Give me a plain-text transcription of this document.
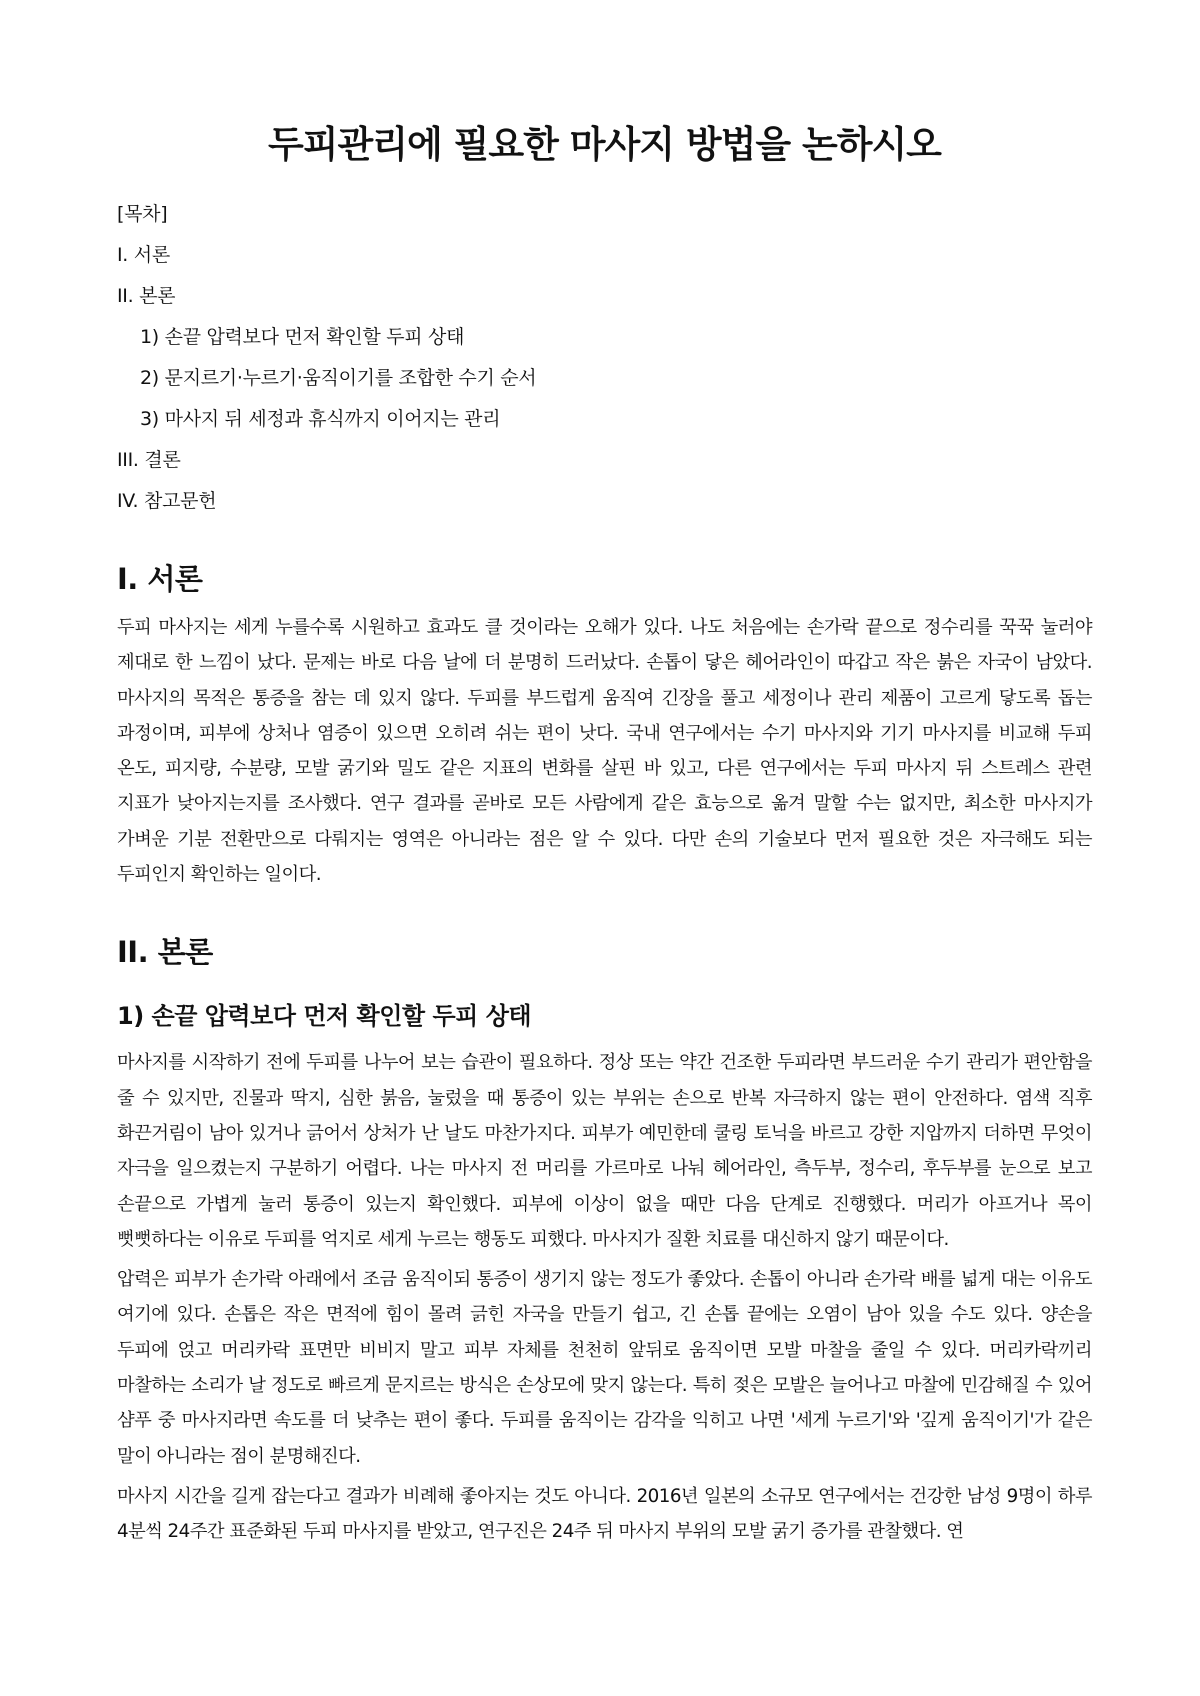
두피관리에 필요한 마사지 방법을 논하시오
[목차]
I. 서론
II. 본론
1) 손끝 압력보다 먼저 확인할 두피 상태
2) 문지르기·누르기·움직이기를 조합한 수기 순서
3) 마사지 뒤 세정과 휴식까지 이어지는 관리
III. 결론
IV. 참고문헌
I. 서론

두피 마사지는 세게 누를수록 시원하고 효과도 클 것이라는 오해가 있다. 나도 처음에는 손가락 끝으로 정수리를 꾹꾹 눌러야 제대로 한 느낌이 났다. 문제는 바로 다음 날에 더 분명히 드러났다. 손톱이 닿은 헤어라인이 따갑고 작은 붉은 자국이 남았다. 마사지의 목적은 통증을 참는 데 있지 않다. 두피를 부드럽게 움직여 긴장을 풀고 세정이나 관리 제품이 고르게 닿도록 돕는 과정이며, 피부에 상처나 염증이 있으면 오히려 쉬는 편이 낫다. 국내 연구에서는 수기 마사지와 기기 마사지를 비교해 두피 온도, 피지량, 수분량, 모발 굵기와 밀도 같은 지표의 변화를 살핀 바 있고, 다른 연구에서는 두피 마사지 뒤 스트레스 관련 지표가 낮아지는지를 조사했다. 연구 결과를 곧바로 모든 사람에게 같은 효능으로 옮겨 말할 수는 없지만, 최소한 마사지가 가벼운 기분 전환만으로 다뤄지는 영역은 아니라는 점은 알 수 있다. 다만 손의 기술보다 먼저 필요한 것은 자극해도 되는 두피인지 확인하는 일이다.

II. 본론
1) 손끝 압력보다 먼저 확인할 두피 상태

마사지를 시작하기 전에 두피를 나누어 보는 습관이 필요하다. 정상 또는 약간 건조한 두피라면 부드러운 수기 관리가 편안함을 줄 수 있지만, 진물과 딱지, 심한 붉음, 눌렀을 때 통증이 있는 부위는 손으로 반복 자극하지 않는 편이 안전하다. 염색 직후 화끈거림이 남아 있거나 긁어서 상처가 난 날도 마찬가지다. 피부가 예민한데 쿨링 토닉을 바르고 강한 지압까지 더하면 무엇이 자극을 일으켰는지 구분하기 어렵다. 나는 마사지 전 머리를 가르마로 나눠 헤어라인, 측두부, 정수리, 후두부를 눈으로 보고 손끝으로 가볍게 눌러 통증이 있는지 확인했다. 피부에 이상이 없을 때만 다음 단계로 진행했다. 머리가 아프거나 목이 뻣뻣하다는 이유로 두피를 억지로 세게 누르는 행동도 피했다. 마사지가 질환 치료를 대신하지 않기 때문이다.

압력은 피부가 손가락 아래에서 조금 움직이되 통증이 생기지 않는 정도가 좋았다. 손톱이 아니라 손가락 배를 넓게 대는 이유도 여기에 있다. 손톱은 작은 면적에 힘이 몰려 긁힌 자국을 만들기 쉽고, 긴 손톱 끝에는 오염이 남아 있을 수도 있다. 양손을 두피에 얹고 머리카락 표면만 비비지 말고 피부 자체를 천천히 앞뒤로 움직이면 모발 마찰을 줄일 수 있다. 머리카락끼리 마찰하는 소리가 날 정도로 빠르게 문지르는 방식은 손상모에 맞지 않는다. 특히 젖은 모발은 늘어나고 마찰에 민감해질 수 있어 샴푸 중 마사지라면 속도를 더 낮추는 편이 좋다. 두피를 움직이는 감각을 익히고 나면 '세게 누르기'와 '깊게 움직이기'가 같은 말이 아니라는 점이 분명해진다.

마사지 시간을 길게 잡는다고 결과가 비례해 좋아지는 것도 아니다. 2016년 일본의 소규모 연구에서는 건강한 남성 9명이 하루 4분씩 24주간 표준화된 두피 마사지를 받았고, 연구진은 24주 뒤 마사지 부위의 모발 굵기 증가를 관찰했다. 연
